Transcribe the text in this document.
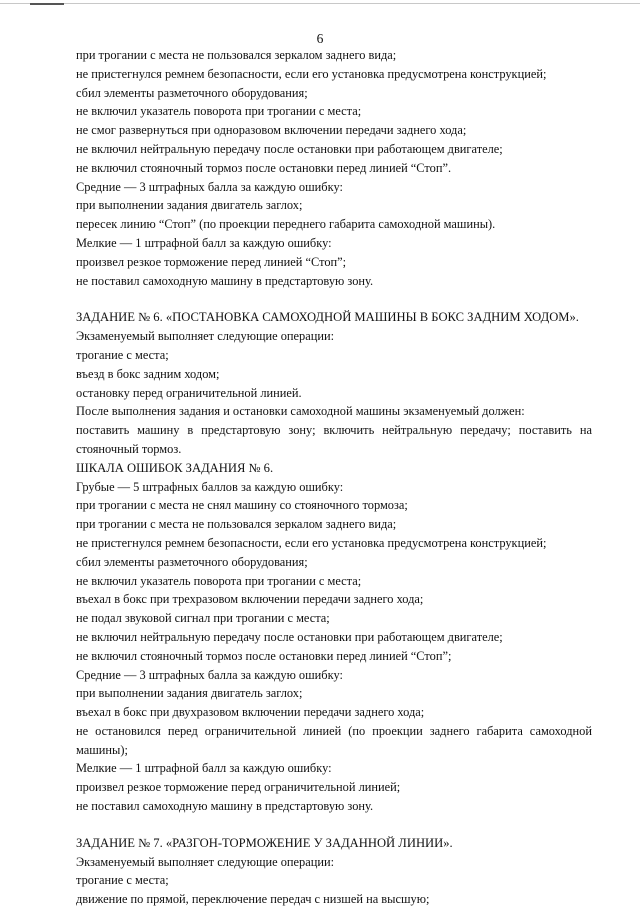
6
при трогании с места не пользовался зеркалом заднего вида;
не пристегнулся ремнем безопасности, если его установка предусмотрена конструкцией;
сбил элементы разметочного оборудования;
не включил указатель поворота при трогании с места;
не смог развернуться при одноразовом включении передачи заднего хода;
не включил нейтральную передачу после остановки при работающем двигателе;
не включил стояночный тормоз после остановки перед линией “Стоп”.
Средние — 3 штрафных балла за каждую ошибку:
при выполнении задания двигатель заглох;
пересек линию “Стоп” (по проекции переднего габарита самоходной машины).
Мелкие — 1 штрафной балл за каждую ошибку:
произвел резкое торможение перед линией “Стоп”;
не поставил самоходную машину в предстартовую зону.
ЗАДАНИЕ № 6. «ПОСТАНОВКА САМОХОДНОЙ МАШИНЫ В БОКС ЗАДНИМ ХОДОМ».
Экзаменуемый выполняет следующие операции:
трогание с места;
въезд в бокс задним ходом;
остановку перед ограничительной линией.
После выполнения задания и остановки самоходной машины экзаменуемый должен:
поставить машину в предстартовую зону; включить нейтральную передачу; поставить на
стояночный тормоз.
ШКАЛА ОШИБОК ЗАДАНИЯ № 6.
Грубые — 5 штрафных баллов за каждую ошибку:
при трогании с места не снял машину со стояночного тормоза;
при трогании с места не пользовался зеркалом заднего вида;
не пристегнулся ремнем безопасности, если его установка предусмотрена конструкцией;
сбил элементы разметочного оборудования;
не включил указатель поворота при трогании с места;
въехал в бокс при трехразовом включении передачи заднего хода;
не подал звуковой сигнал при трогании с места;
не включил нейтральную передачу после остановки при работающем двигателе;
не включил стояночный тормоз после остановки перед линией “Стоп”;
Средние — 3 штрафных балла за каждую ошибку:
при выполнении задания двигатель заглох;
въехал в бокс при двухразовом включении передачи заднего хода;
не остановился перед ограничительной линией (по проекции заднего габарита самоходной
машины);
Мелкие — 1 штрафной балл за каждую ошибку:
произвел резкое торможение перед ограничительной линией;
не поставил самоходную машину в предстартовую зону.
ЗАДАНИЕ № 7. «РАЗГОН-ТОРМОЖЕНИЕ У ЗАДАННОЙ ЛИНИИ».
Экзаменуемый выполняет следующие операции:
трогание с места;
движение по прямой, переключение передач с низшей на высшую;
